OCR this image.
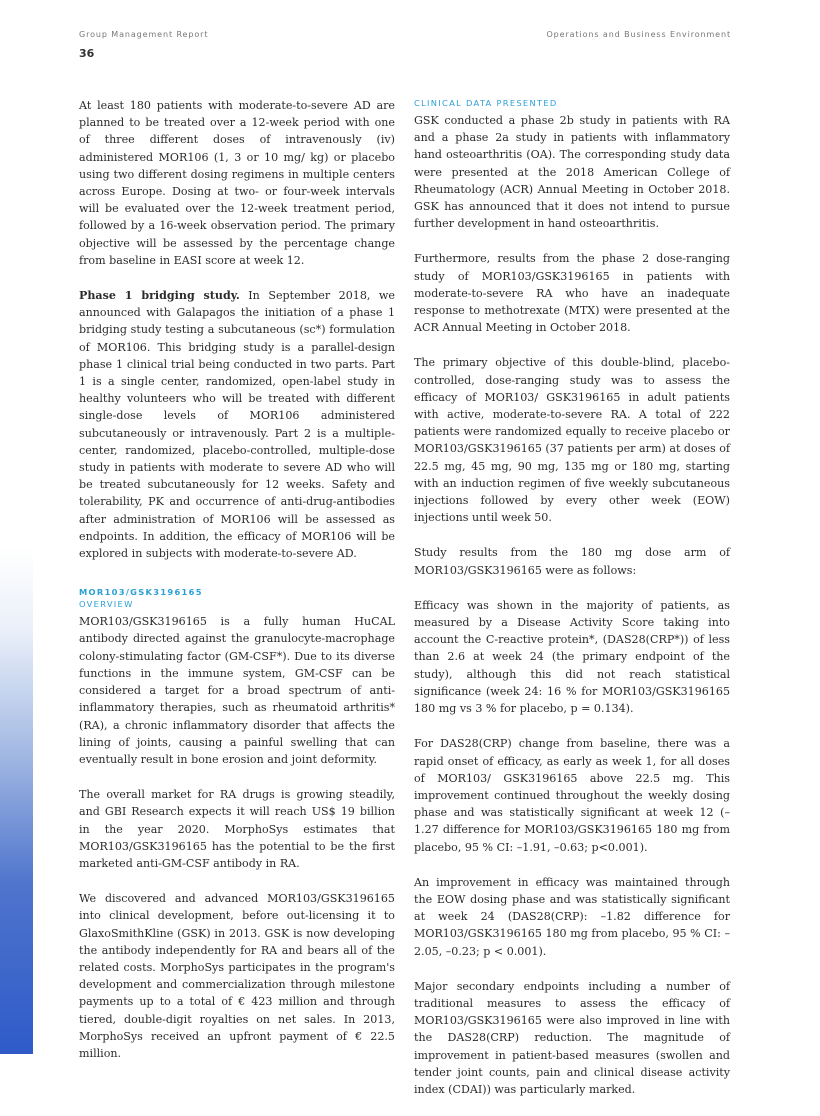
Group Management Report	Operations and Business Environment
36

At least 180 patients with moderate-to-severe AD are planned to be treated over a 12-week period with one of three different doses of intravenously (iv) administered MOR106 (1, 3 or 10 mg/ kg) or placebo using two different dosing regimens in multiple centers across Europe. Dosing at two- or four-week intervals will be evaluated over the 12-week treatment period, followed by a 16-week observation period. The primary objective will be assessed by the percentage change from baseline in EASI score at week 12.

Phase 1 bridging study. In September 2018, we announced with Galapagos the initiation of a phase 1 bridging study testing a subcutaneous (sc*) formulation of MOR106. This bridging study is a parallel-design phase 1 clinical trial being conducted in two parts. Part 1 is a single center, randomized, open-label study in healthy volunteers who will be treated with different single-dose levels of MOR106 administered subcutaneously or intravenously. Part 2 is a multiple-center, randomized, placebo-controlled, multiple-dose study in patients with moderate to severe AD who will be treated subcutaneously for 12 weeks. Safety and tolerability, PK and occurrence of anti-drug-antibodies after administration of MOR106 will be assessed as endpoints. In addition, the efficacy of MOR106 will be explored in subjects with moderate-to-severe AD.

MOR103/GSK3196165
OVERVIEW

MOR103/GSK3196165 is a fully human HuCAL antibody directed against the granulocyte-macrophage colony-stimulating factor (GM-CSF*). Due to its diverse functions in the immune system, GM-CSF can be considered a target for a broad spectrum of anti-inflammatory therapies, such as rheumatoid arthritis* (RA), a chronic inflammatory disorder that affects the lining of joints, causing a painful swelling that can eventually result in bone erosion and joint deformity.

The overall market for RA drugs is growing steadily, and GBI Research expects it will reach US$ 19 billion in the year 2020. MorphoSys estimates that MOR103/GSK3196165 has the potential to be the first marketed anti-GM-CSF antibody in RA.

We discovered and advanced MOR103/GSK3196165 into clinical development, before out-licensing it to GlaxoSmithKline (GSK) in 2013. GSK is now developing the antibody independently for RA and bears all of the related costs. MorphoSys participates in the program's development and commercialization through milestone payments up to a total of € 423 million and through tiered, double-digit royalties on net sales. In 2013, MorphoSys received an upfront payment of € 22.5 million.

CLINICAL DATA PRESENTED

GSK conducted a phase 2b study in patients with RA and a phase 2a study in patients with inflammatory hand osteoarthritis (OA). The corresponding study data were presented at the 2018 American College of Rheumatology (ACR) Annual Meeting in October 2018. GSK has announced that it does not intend to pursue further development in hand osteoarthritis.

Furthermore, results from the phase 2 dose-ranging study of MOR103/GSK3196165 in patients with moderate-to-severe RA who have an inadequate response to methotrexate (MTX) were presented at the ACR Annual Meeting in October 2018.

The primary objective of this double-blind, placebo-controlled, dose-ranging study was to assess the efficacy of MOR103/ GSK3196165 in adult patients with active, moderate-to-severe RA. A total of 222 patients were randomized equally to receive placebo or MOR103/GSK3196165 (37 patients per arm) at doses of 22.5 mg, 45 mg, 90 mg, 135 mg or 180 mg, starting with an induction regimen of five weekly subcutaneous injections followed by every other week (EOW) injections until week 50.

Study results from the 180 mg dose arm of MOR103/GSK3196165 were as follows:

Efficacy was shown in the majority of patients, as measured by a Disease Activity Score taking into account the C-reactive protein*, (DAS28(CRP*)) of less than 2.6 at week 24 (the primary endpoint of the study), although this did not reach statistical significance (week 24: 16 % for MOR103/GSK3196165 180 mg vs 3 % for placebo, p = 0.134).

For DAS28(CRP) change from baseline, there was a rapid onset of efficacy, as early as week 1, for all doses of MOR103/ GSK3196165 above 22.5 mg. This improvement continued throughout the weekly dosing phase and was statistically significant at week 12 (–1.27 difference for MOR103/GSK3196165 180 mg from placebo, 95 % CI: –1.91, –0.63; p<0.001).

An improvement in efficacy was maintained through the EOW dosing phase and was statistically significant at week 24 (DAS28(CRP): –1.82 difference for MOR103/GSK3196165 180 mg from placebo, 95 % CI: –2.05, –0.23; p < 0.001).

Major secondary endpoints including a number of traditional measures to assess the efficacy of MOR103/GSK3196165 were also improved in line with the DAS28(CRP) reduction. The magnitude of improvement in patient-based measures (swollen and tender joint counts, pain and clinical disease activity index (CDAI)) was particularly marked.
